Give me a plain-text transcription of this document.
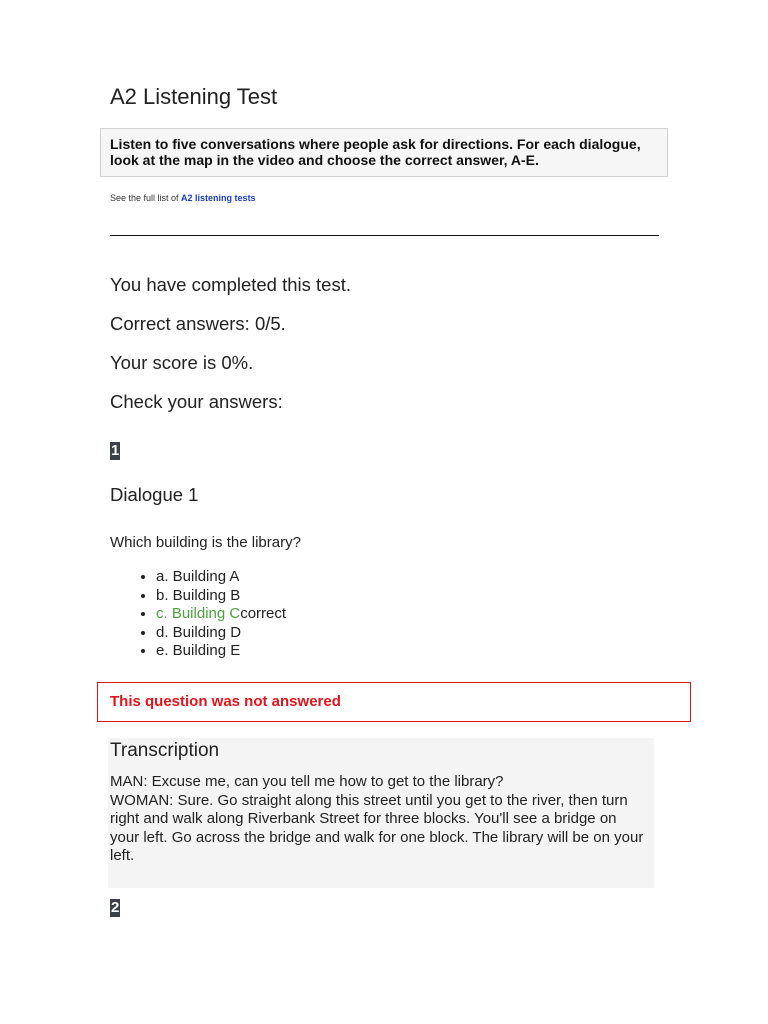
A2 Listening Test
Listen to five conversations where people ask for directions. For each dialogue, look at the map in the video and choose the correct answer, A-E.
See the full list of A2 listening tests

You have completed this test.

Correct answers: 0/5.

Your score is 0%.

Check your answers:

1
Dialogue 1

Which building is the library?

• a. Building A
• b. Building B
• c. Building Ccorrect
• d. Building D
• e. Building E
This question was not answered
Transcription

MAN: Excuse me, can you tell me how to get to the library?
WOMAN: Sure. Go straight along this street until you get to the river, then turn right and walk along Riverbank Street for three blocks. You'll see a bridge on your left. Go across the bridge and walk for one block. The library will be on your left.

2
